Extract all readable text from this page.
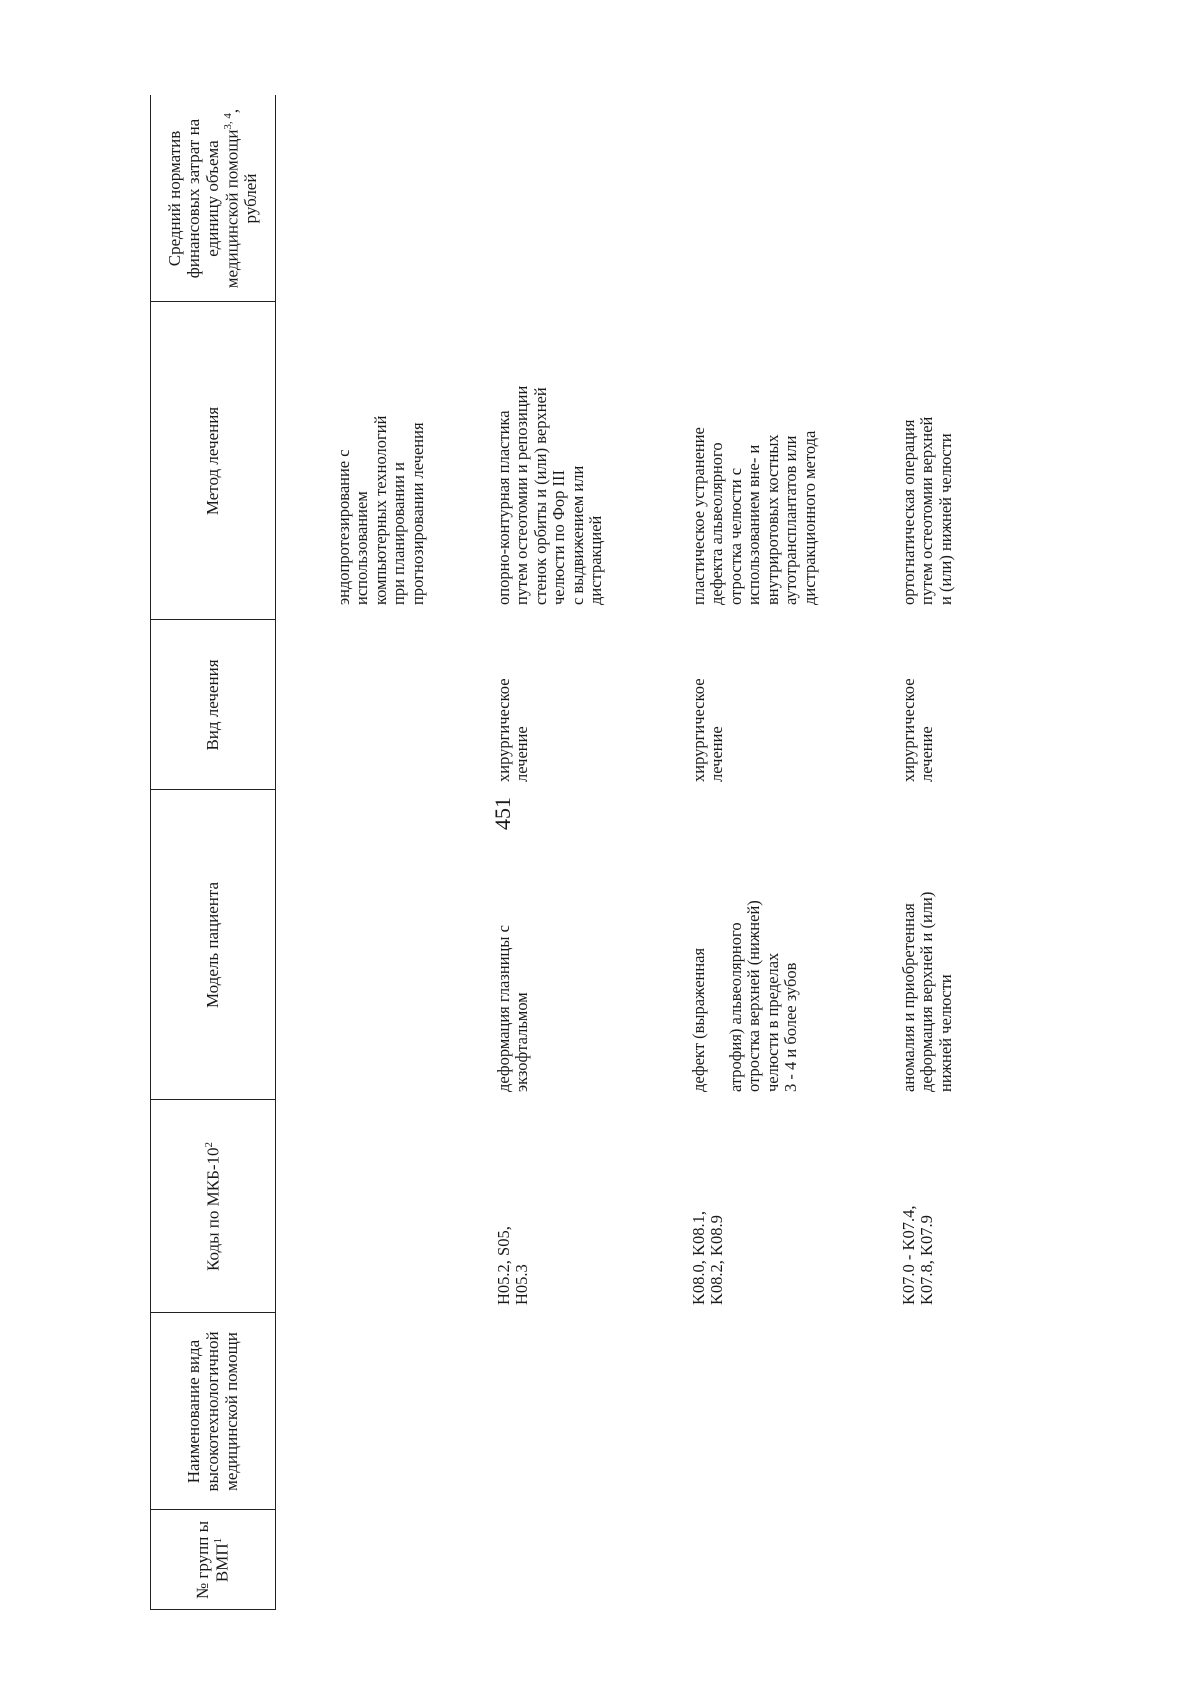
451
№ групп ы ВМП$^1$
Наименование вида высокотехнологичной медицинской помощи
Коды по МКБ-$10^2$
Модель пациента
Вид лечения
Метод лечения
Средний норматив финансовых затрат на единицу объема медицинской помощи$^{3, 4}$, рублей
эндопротезирование с
использованием
компьютерных технологий
при планировании и
прогнозировании лечения
H05.2, S05,
H05.3
деформация глазницы с
экзофтальмом
хирургическое
лечение
опорно-контурная пластика
путем остеотомии и репозиции
стенок орбиты и (или) верхней
челюсти по Фор III
с выдвижением или
дистракцией
K08.0, K08.1,
K08.2, K08.9
дефект (выраженная

атрофия) альвеолярного
отростка верхней (нижней)
челюсти в пределах
3 - 4 и более зубов
хирургическое
лечение
пластическое устранение
дефекта альвеолярного
отростка челюсти с
использованием вне- и
внутриротовых костных
аутотрансплантатов или
дистракционного метода
K07.0 - K07.4,
K07.8, K07.9
аномалия и приобретенная
деформация верхней и (или)
нижней челюсти
хирургическое
лечение
ортогнатическая операция
путем остеотомии верхней
и (или) нижней челюсти
